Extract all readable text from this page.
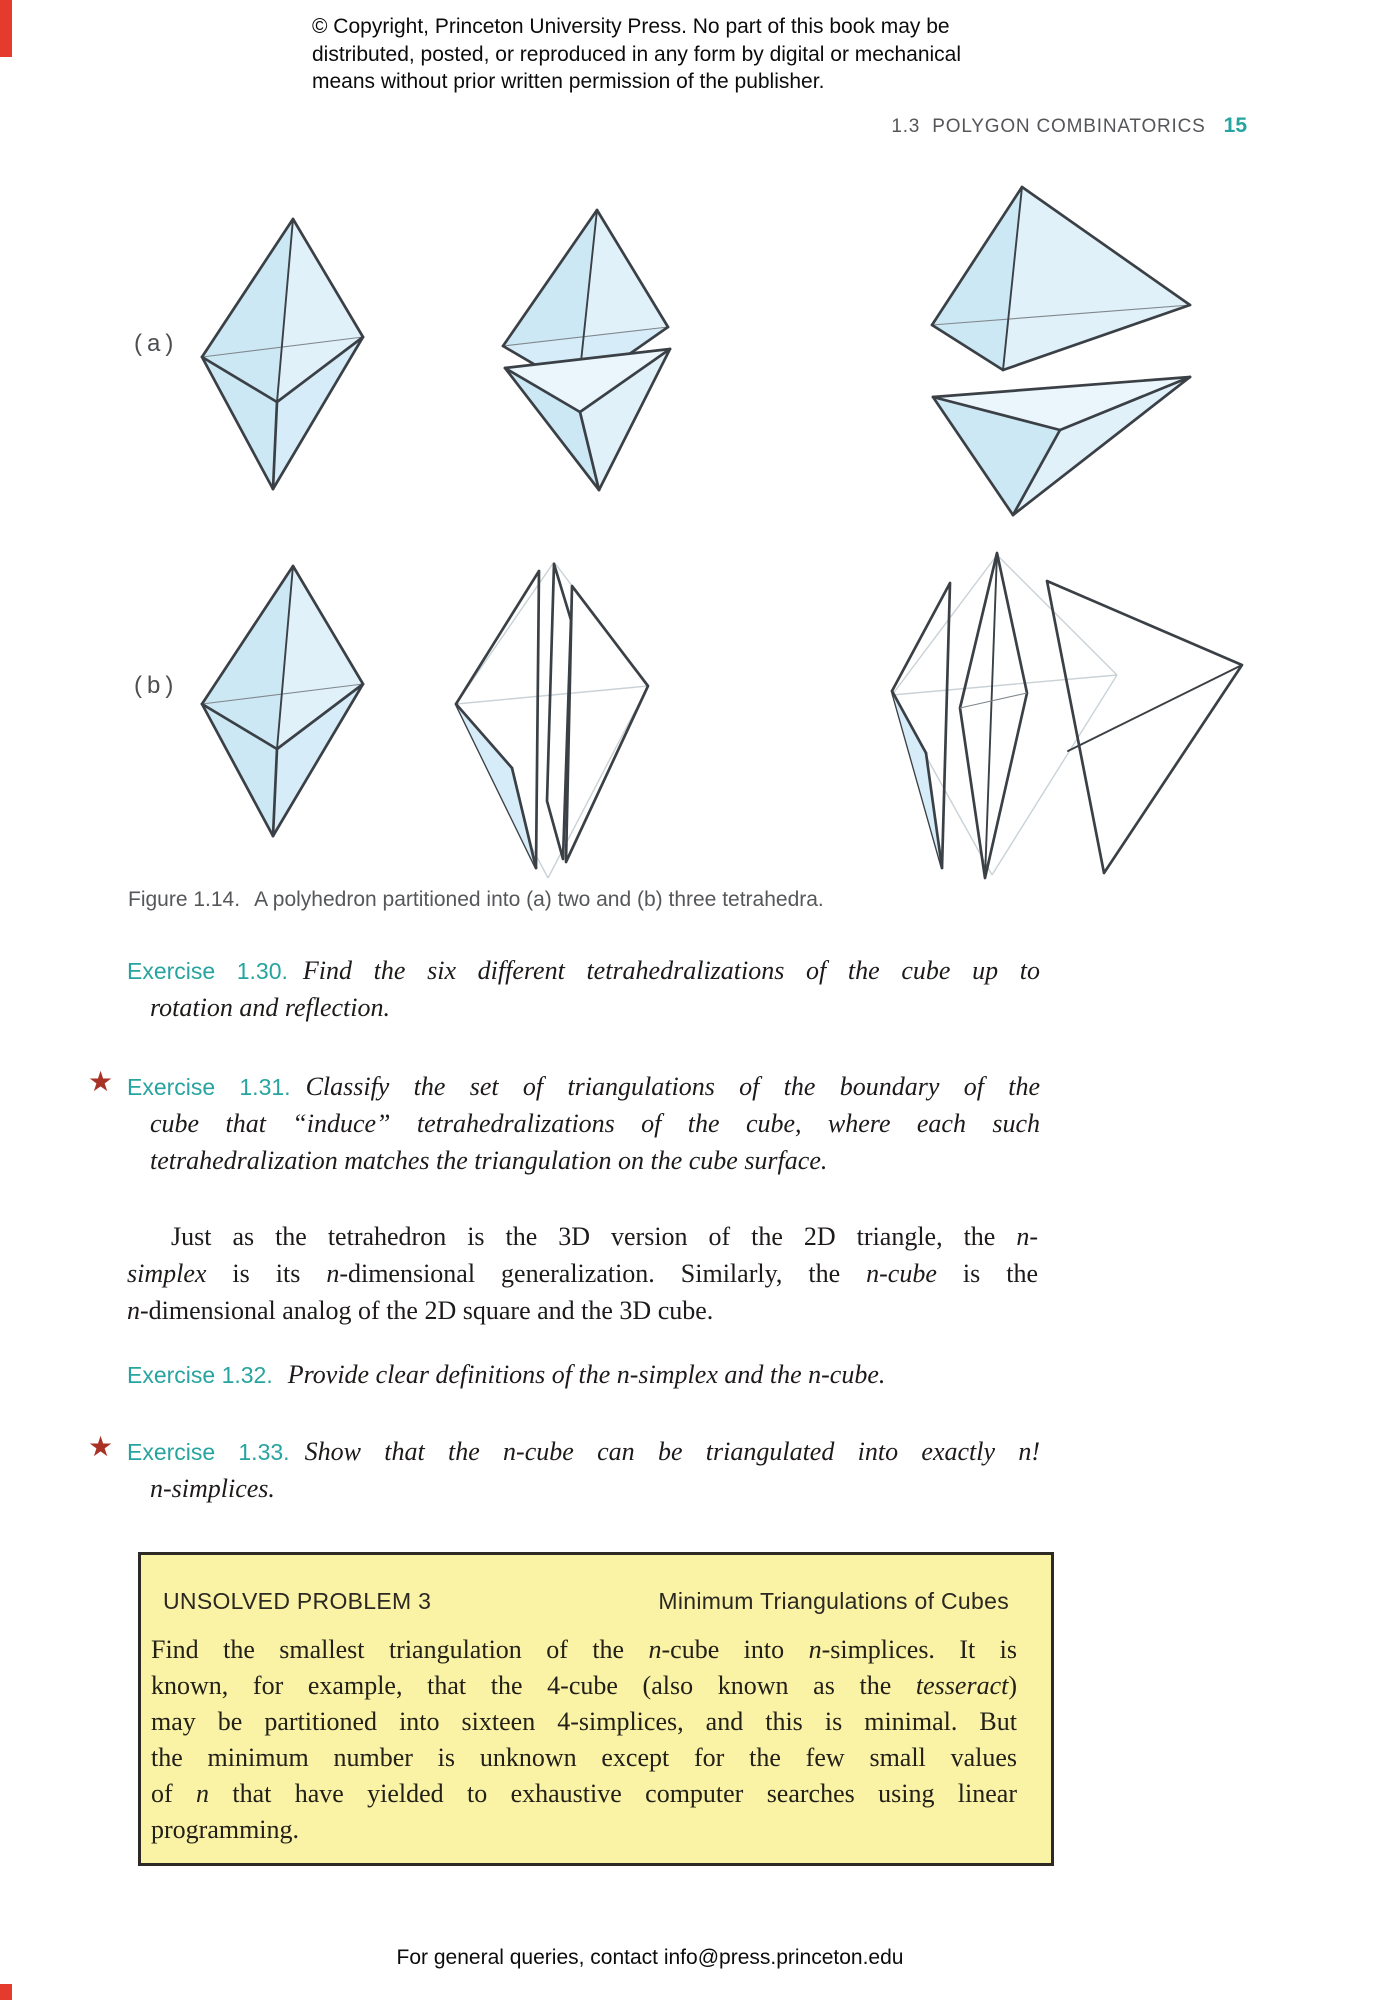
© Copyright, Princeton University Press. No part of this book may be
distributed, posted, or reproduced in any form by digital or mechanical
means without prior written permission of the publisher.
1.3  POLYGON COMBINATORICS 15
(a)
(b)
Figure 1.14. A polyhedron partitioned into (a) two and (b) three tetrahedra.
Exercise 1.30. Find the six different tetrahedralizations of the cube up to
rotation and reflection.
★ Exercise 1.31. Classify the set of triangulations of the boundary of the
cube that “induce” tetrahedralizations of the cube, where each such
tetrahedralization matches the triangulation on the cube surface.
Just as the tetrahedron is the 3D version of the 2D triangle, the n-
simplex is its n-dimensional generalization. Similarly, the n-cube is the
n-dimensional analog of the 2D square and the 3D cube.
Exercise 1.32. Provide clear definitions of the n-simplex and the n-cube.
★ Exercise 1.33. Show that the n-cube can be triangulated into exactly n!
n-simplices.
UNSOLVED PROBLEM 3	Minimum Triangulations of Cubes
Find the smallest triangulation of the n-cube into n-simplices. It is
known, for example, that the 4-cube (also known as the tesseract)
may be partitioned into sixteen 4-simplices, and this is minimal. But
the minimum number is unknown except for the few small values
of n that have yielded to exhaustive computer searches using linear
programming.
For general queries, contact info@press.princeton.edu
